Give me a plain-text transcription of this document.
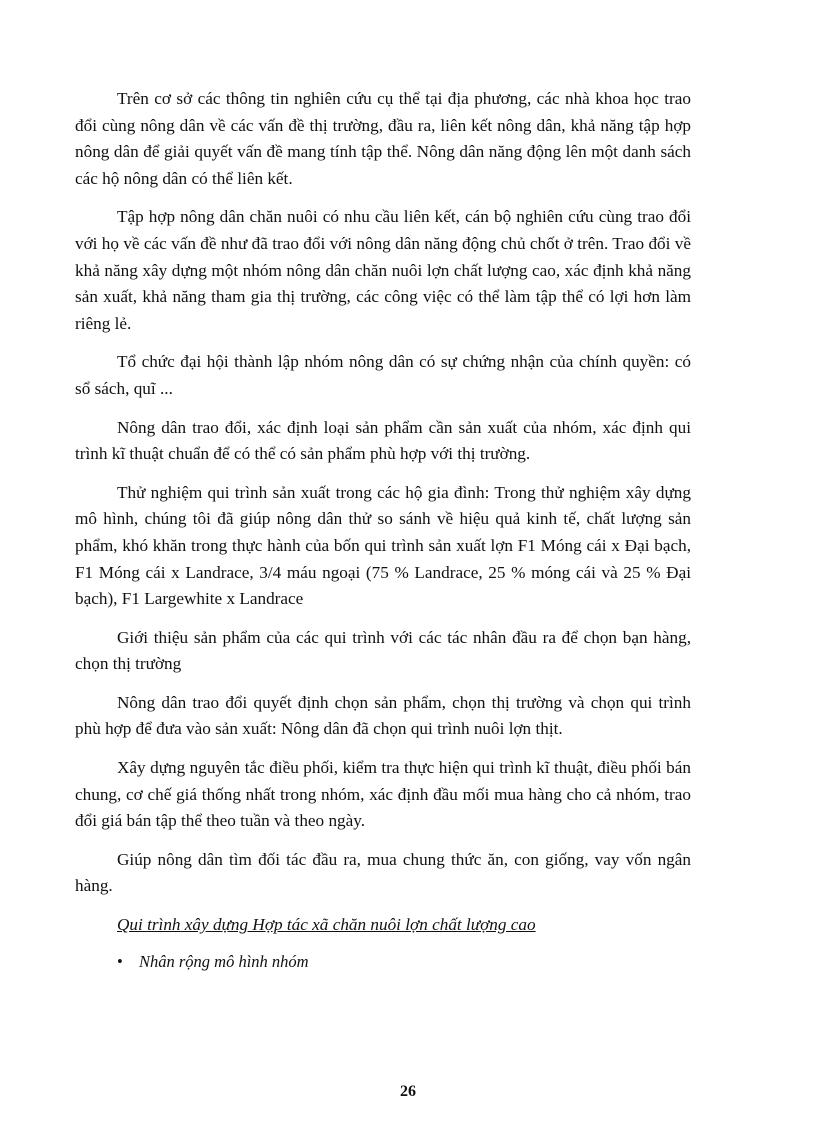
Trên cơ sở các thông tin nghiên cứu cụ thể tại địa phương, các nhà khoa học trao đổi cùng nông dân về các vấn đề thị trường, đầu ra, liên kết nông dân, khả năng tập hợp nông dân để giải quyết vấn đề mang tính tập thể. Nông dân năng động lên một danh sách các hộ nông dân có thể liên kết.

Tập hợp nông dân chăn nuôi có nhu cầu liên kết, cán bộ nghiên cứu cùng trao đổi với họ về các vấn đề như đã trao đổi với nông dân năng động chủ chốt ở trên. Trao đổi về khả năng xây dựng một nhóm nông dân chăn nuôi lợn chất lượng cao, xác định khả năng sản xuất, khả năng tham gia thị trường, các công việc có thể làm tập thể có lợi hơn làm riêng lẻ.

Tổ chức đại hội thành lập nhóm nông dân có sự chứng nhận của chính quyền: có sổ sách, quĩ ...

Nông dân trao đổi, xác định loại sản phẩm cần sản xuất của nhóm, xác định qui trình kĩ thuật chuẩn để có thể có sản phẩm phù hợp với thị trường.

Thử nghiệm qui trình sản xuất trong các hộ gia đình: Trong thử nghiệm xây dựng mô hình, chúng tôi đã giúp nông dân thử so sánh về hiệu quả kinh tế, chất lượng sản phẩm, khó khăn trong thực hành của bốn qui trình sản xuất lợn F1 Móng cái x Đại bạch, F1 Móng cái x Landrace, 3/4 máu ngoại (75 % Landrace, 25 % móng cái và 25 % Đại bạch), F1 Largewhite x Landrace

Giới thiệu sản phẩm của các qui trình với các tác nhân đầu ra để chọn bạn hàng, chọn thị trường

Nông dân trao đổi quyết định chọn sản phẩm, chọn thị trường và chọn qui trình phù hợp để đưa vào sản xuất: Nông dân đã chọn qui trình nuôi lợn thịt.

Xây dựng nguyên tắc điều phối, kiểm tra thực hiện qui trình kĩ thuật, điều phối bán chung, cơ chế giá thống nhất trong nhóm, xác định đầu mối mua hàng cho cả nhóm, trao đổi giá bán tập thể theo tuần và theo ngày.

Giúp nông dân tìm đối tác đầu ra, mua chung thức ăn, con giống, vay vốn ngân hàng.

Qui trình xây dựng Hợp tác xã chăn nuôi lợn chất lượng cao

• Nhân rộng mô hình nhóm

26
